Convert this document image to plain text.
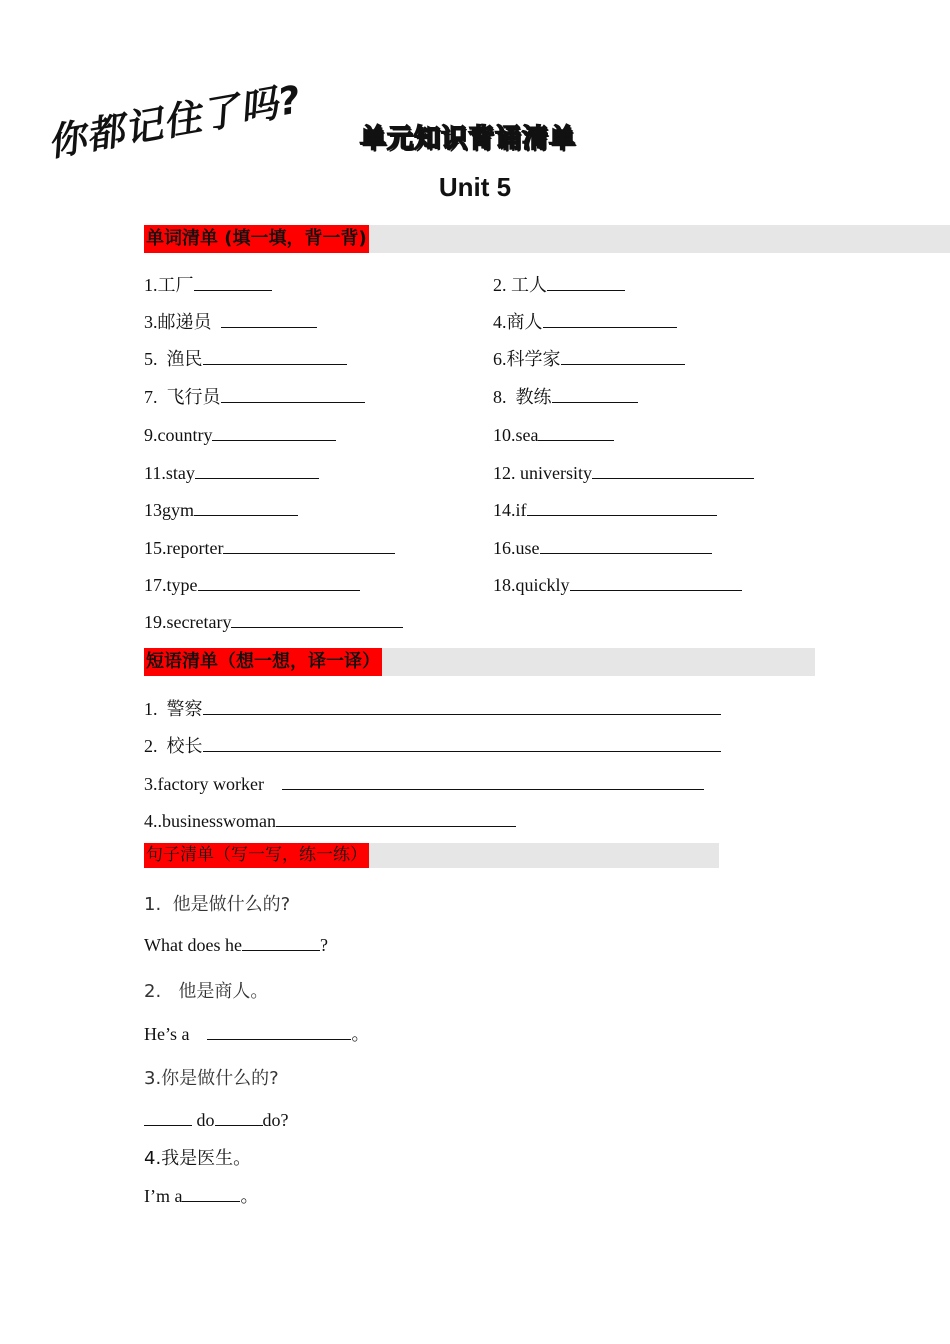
你都记住了吗? 单元知识背诵清单
Unit 5
单词清单 (填一填，背一背)
1.工厂	2. 工人
3.邮递员	4.商人
5.  渔民	6.科学家
7.  飞行员	8.  教练
9.country	10.sea
11.stay	12. university
13gym	14.if
15.reporter	16.use
17.type	18.quickly
19.secretary
短语清单（想一想，译一译）
1.  警察
2.  校长
3.factory worker
4..businesswoman
句子清单（写一写，练一练）
1.  他是做什么的?
What does he	?
2.   他是商人。
He’s a	。
3.你是做什么的?
do	do?
4.我是医生。
I’m a	。
